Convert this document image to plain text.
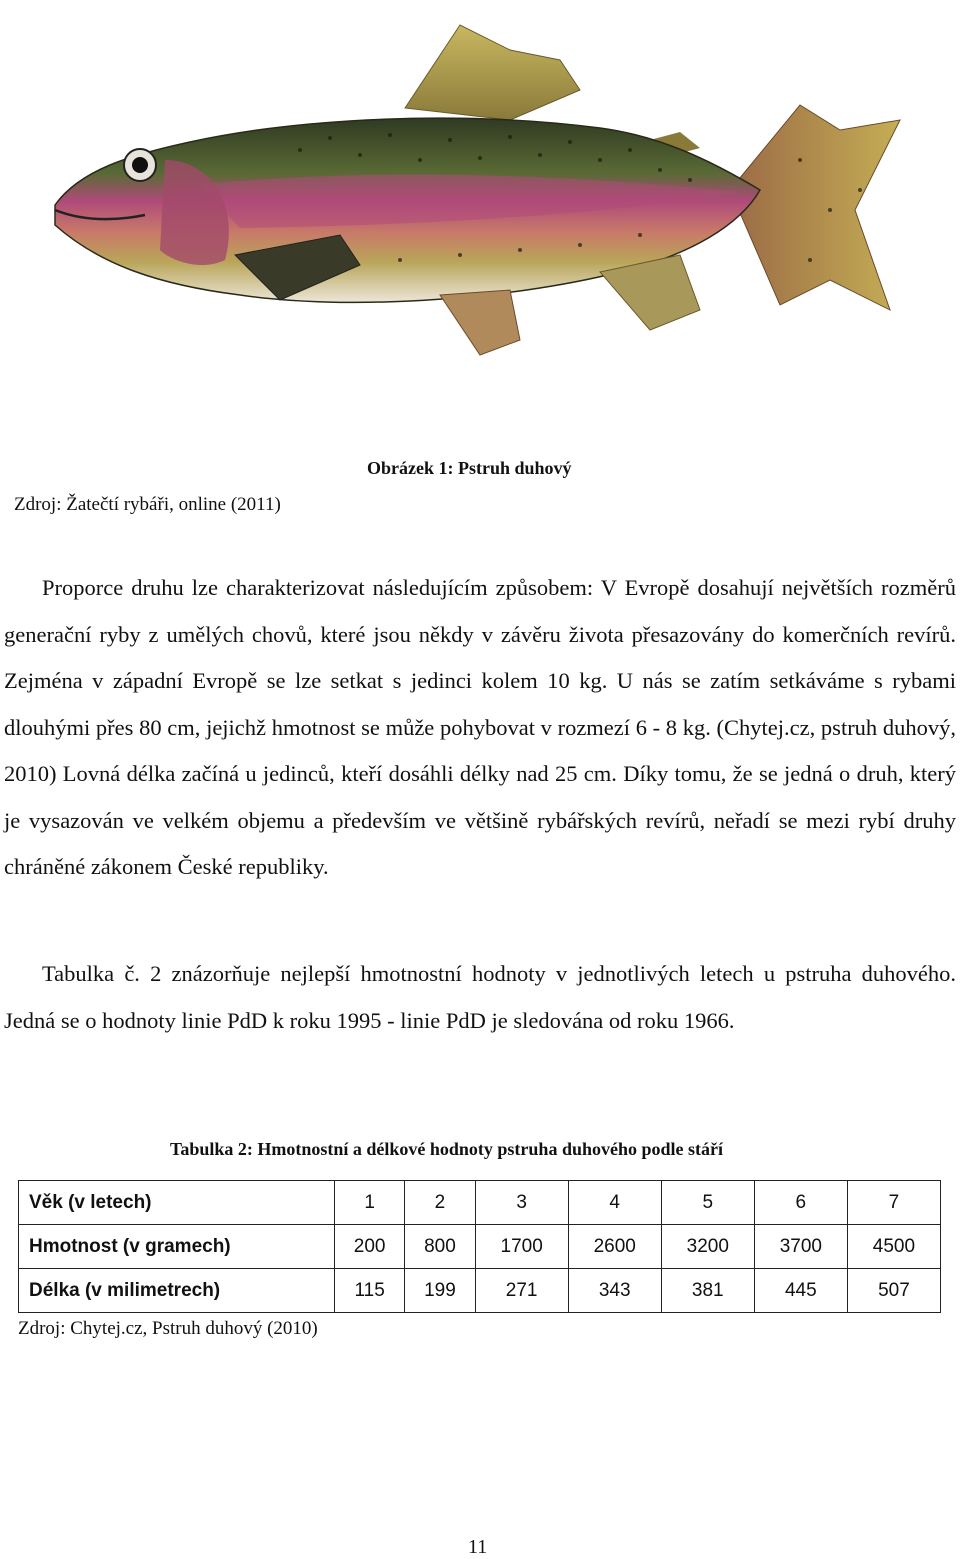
Obrázek 1: Pstruh duhový
Zdroj: Žatečtí rybáři, online (2011)

Proporce druhu lze charakterizovat následujícím způsobem: V Evropě dosahují největších rozměrů generační ryby z umělých chovů, které jsou někdy v závěru života přesazovány do komerčních revírů. Zejména v západní Evropě se lze setkat s jedinci kolem 10 kg. U nás se zatím setkáváme s rybami dlouhými přes 80 cm, jejichž hmotnost se může pohybovat v rozmezí 6 - 8 kg. (Chytej.cz, pstruh duhový, 2010) Lovná délka začíná u jedinců, kteří dosáhli délky nad 25 cm. Díky tomu, že se jedná o druh, který je vysazován ve velkém objemu a především ve většině rybářských revírů, neřadí se mezi rybí druhy chráněné zákonem České republiky.

Tabulka č. 2 znázorňuje nejlepší hmotnostní hodnoty v jednotlivých letech u pstruha duhového. Jedná se o hodnoty linie PdD k roku 1995 - linie PdD je sledována od roku 1966.

Tabulka 2: Hmotnostní a délkové hodnoty pstruha duhového podle stáří
Věk (v letech)	1	2	3	4	5	6	7
Hmotnost (v gramech)	200	800	1700	2600	3200	3700	4500
Délka (v milimetrech)	115	199	271	343	381	445	507
Zdroj: Chytej.cz, Pstruh duhový (2010)
11
